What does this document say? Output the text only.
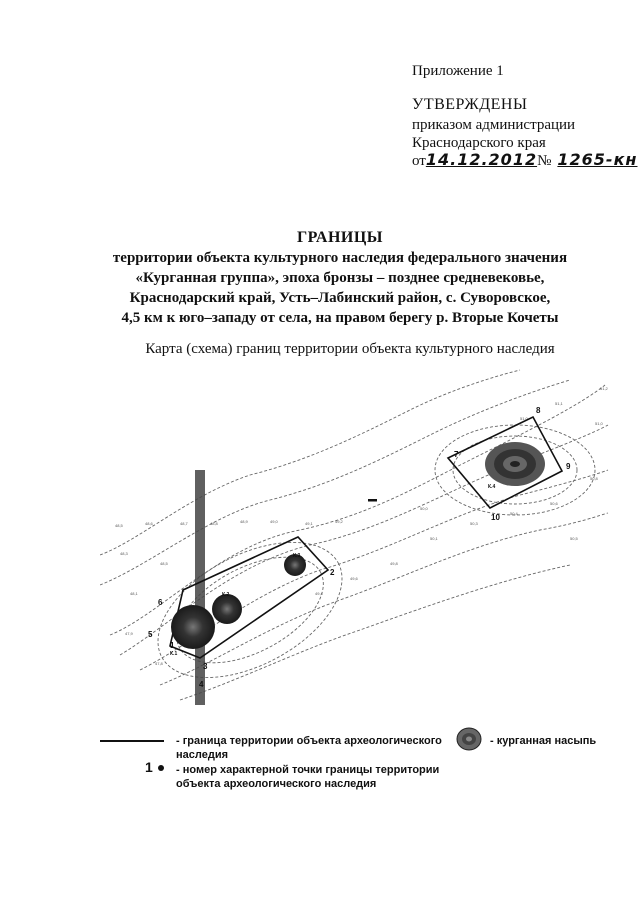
Приложение 1
УТВЕРЖДЕНЫ
приказом администрации
Краснодарского края
от14.12.2012№ 1265-кн
ГРАНИЦЫ
территории объекта культурного наследия федерального значения
«Курганная группа», эпоха бронзы – позднее средневековье,
Краснодарский край, Усть–Лабинский район, с. Суворовское,
4,5 км к юго–западу от села, на правом берегу р. Вторые Кочеты
Карта (схема) границ территории объекта культурного наследия
48,5	48,6	48,7	48,8	48,9	49,0	49,1	49,2
48,3
48,5
49,4
49,6
49,8
50,1
50,3
50,4
50,6
50,8
51,0
51,2
48,1
47,9
47,8
51,0
51,1
50,5
50,0
1
2
3
4
5
6
7
8
9
10
К.1
К.2
К.3
К.4
- граница территории объекта археологического наследия
1 - номер характерной точки границы территории объекта археологического наследия
- курганная насыпь
